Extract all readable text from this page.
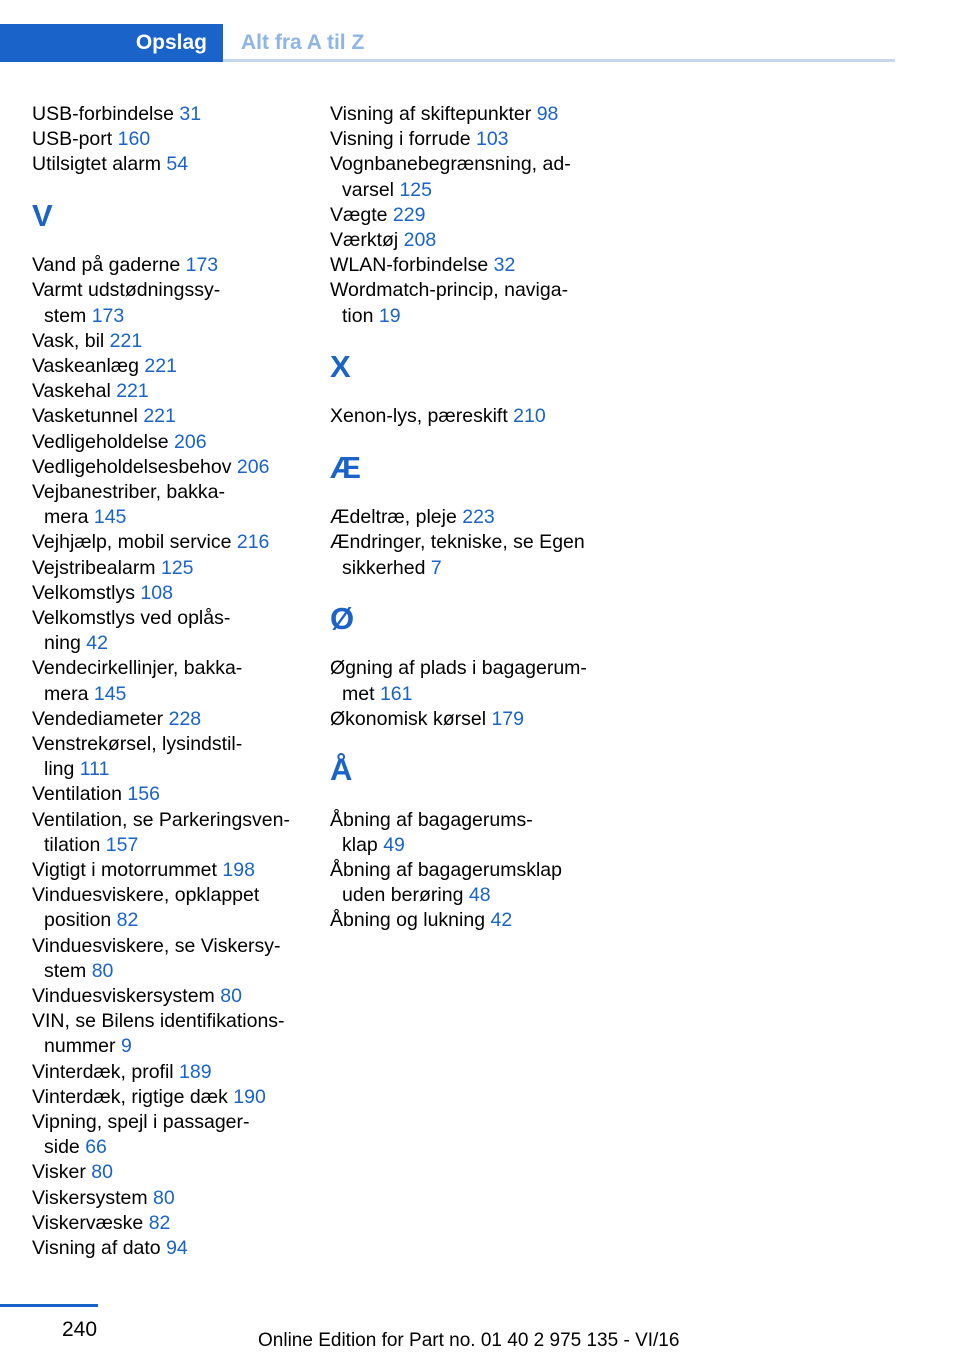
Opslag	Alt fra A til Z
USB-forbindelse 31
USB-port 160
Utilsigtet alarm 54
V
Vand på gaderne 173
Varmt udstødningssy-
stem 173
Vask, bil 221
Vaskeanlæg 221
Vaskehal 221
Vasketunnel 221
Vedligeholdelse 206
Vedligeholdelsesbehov 206
Vejbanestriber, bakka-
mera 145
Vejhjælp, mobil service 216
Vejstribealarm 125
Velkomstlys 108
Velkomstlys ved oplås-
ning 42
Vendecirkellinjer, bakka-
mera 145
Vendediameter 228
Venstrekørsel, lysindstil-
ling 111
Ventilation 156
Ventilation, se Parkeringsven-
tilation 157
Vigtigt i motorrummet 198
Vinduesviskere, opklappet
position 82
Vinduesviskere, se Viskersy-
stem 80
Vinduesviskersystem 80
VIN, se Bilens identifikations-
nummer 9
Vinterdæk, profil 189
Vinterdæk, rigtige dæk 190
Vipning, spejl i passager-
side 66
Visker 80
Viskersystem 80
Viskervæske 82
Visning af dato 94
Visning af skiftepunkter 98
Visning i forrude 103
Vognbanebegrænsning, ad-
varsel 125
Vægte 229
Værktøj 208
WLAN-forbindelse 32
Wordmatch-princip, naviga-
tion 19
X
Xenon-lys, pæreskift 210
Æ
Ædeltræ, pleje 223
Ændringer, tekniske, se Egen
sikkerhed 7
Ø
Øgning af plads i bagagerum-
met 161
Økonomisk kørsel 179
Å
Åbning af bagagerums-
klap 49
Åbning af bagagerumsklap
uden berøring 48
Åbning og lukning 42
240	Online Edition for Part no. 01 40 2 975 135 - VI/16
